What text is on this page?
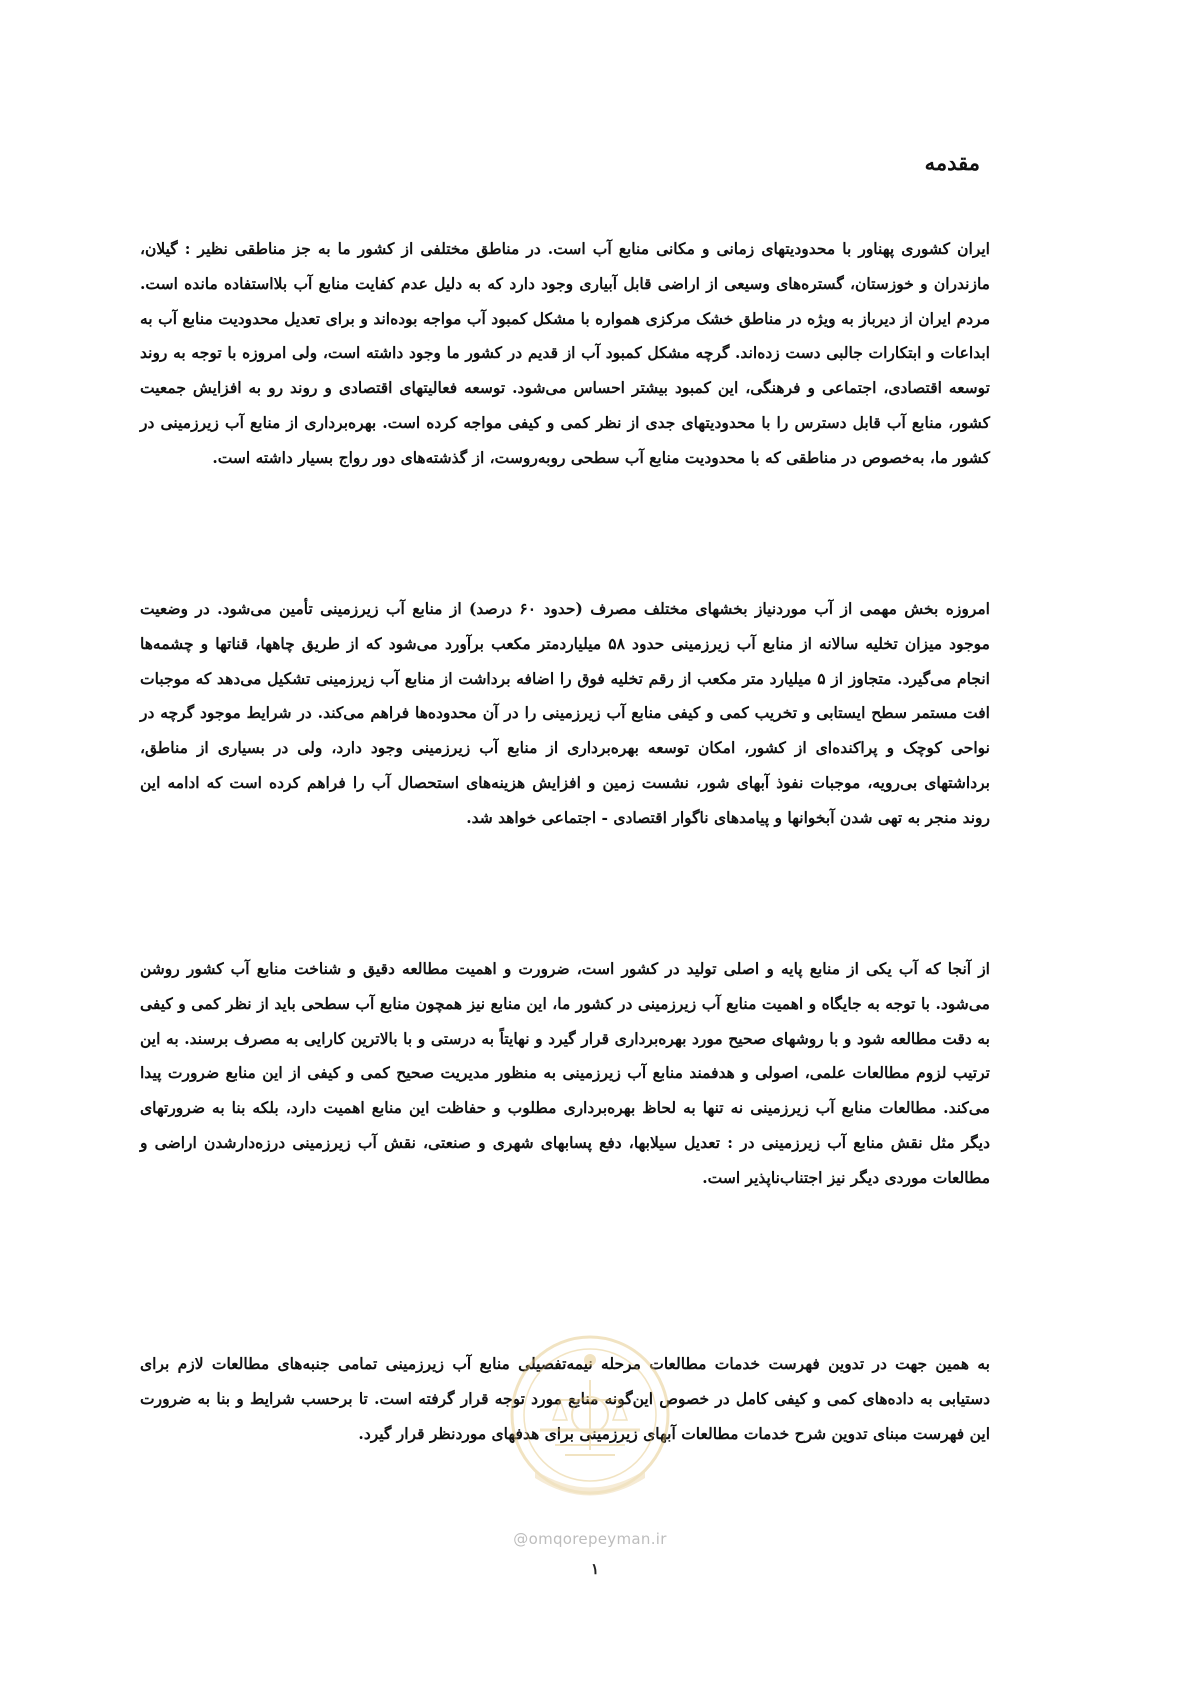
مقدمه

ایران کشوری پهناور با محدودیتهای زمانی و مکانی منابع آب است. در مناطق مختلفی از کشور ما به جز مناطقی نظیر : گیلان، مازندران و خوزستان، گستره‌های وسیعی از اراضی قابل آبیاری وجود دارد که به دلیل عدم کفایت منابع آب بلااستفاده مانده است. مردم ایران از دیرباز به ویژه در مناطق خشک مرکزی همواره با مشکل کمبود آب مواجه بوده‌اند و برای تعدیل محدودیت منابع آب به ابداعات و ابتکارات جالبی دست زده‌اند. گرچه مشکل کمبود آب از قدیم در کشور ما وجود داشته است، ولی امروزه با توجه به روند توسعه اقتصادی، اجتماعی و فرهنگی، این کمبود بیشتر احساس می‌شود. توسعه فعالیتهای اقتصادی و روند رو به افزایش جمعیت کشور، منابع آب قابل دسترس را با محدودیتهای جدی از نظر کمی و کیفی مواجه کرده است. بهره‌برداری از منابع آب زیرزمینی در کشور ما، به‌خصوص در مناطقی که با محدودیت منابع آب سطحی روبه‌روست، از گذشته‌های دور رواج بسیار داشته است.

امروزه بخش مهمی از آب موردنیاز بخشهای مختلف مصرف (حدود ۶۰ درصد) از منابع آب زیرزمینی تأمین می‌شود. در وضعیت موجود میزان تخلیه سالانه از منابع آب زیرزمینی حدود ۵۸ میلیاردمتر مکعب برآورد می‌شود که از طریق چاهها، قناتها و چشمه‌ها انجام می‌گیرد. متجاوز از ۵ میلیارد متر مکعب از رقم تخلیه فوق را اضافه برداشت از منابع آب زیرزمینی تشکیل می‌دهد که موجبات افت مستمر سطح ایستابی و تخریب کمی و کیفی منابع آب زیرزمینی را در آن محدوده‌ها فراهم می‌کند. در شرایط موجود گرچه در نواحی کوچک و پراکنده‌ای از کشور، امکان توسعه بهره‌برداری از منابع آب زیرزمینی وجود دارد، ولی در بسیاری از مناطق، برداشتهای بی‌رویه، موجبات نفوذ آبهای شور، نشست زمین و افزایش هزینه‌های استحصال آب را فراهم کرده است که ادامه این روند منجر به تهی شدن آبخوانها و پیامدهای ناگوار اقتصادی - اجتماعی خواهد شد.

از آنجا که آب یکی از منابع پایه و اصلی تولید در کشور است، ضرورت و اهمیت مطالعه دقیق و شناخت منابع آب کشور روشن می‌شود. با توجه به جایگاه و اهمیت منابع آب زیرزمینی در کشور ما، این منابع نیز همچون منابع آب سطحی باید از نظر کمی و کیفی به دقت مطالعه شود و با روشهای صحیح مورد بهره‌برداری قرار گیرد و نهایتاً به درستی و با بالاترین کارایی به مصرف برسند. به این ترتیب لزوم مطالعات علمی، اصولی و هدفمند منابع آب زیرزمینی به منظور مدیریت صحیح کمی و کیفی از این منابع ضرورت پیدا می‌کند. مطالعات منابع آب زیرزمینی نه تنها به لحاظ بهره‌برداری مطلوب و حفاظت این منابع اهمیت دارد، بلکه بنا به ضرورتهای دیگر مثل نقش منابع آب زیرزمینی در : تعدیل سیلابها، دفع پسابهای شهری و صنعتی، نقش آب زیرزمینی درزه‌دارشدن اراضی و مطالعات موردی دیگر نیز اجتناب‌ناپذیر است.

به همین جهت در تدوین فهرست خدمات مطالعات مرحله نیمه‌تفصیلی منابع آب زیرزمینی تمامی جنبه‌های مطالعات لازم برای دستیابی به داده‌های کمی و کیفی کامل در خصوص این‌گونه منابع مورد توجه قرار گرفته است. تا برحسب شرایط و بنا به ضرورت این فهرست مبنای تدوین شرح خدمات مطالعات آبهای زیرزمینی برای هدفهای موردنظر قرار گیرد.

@omqorepeyman.ir
۱
